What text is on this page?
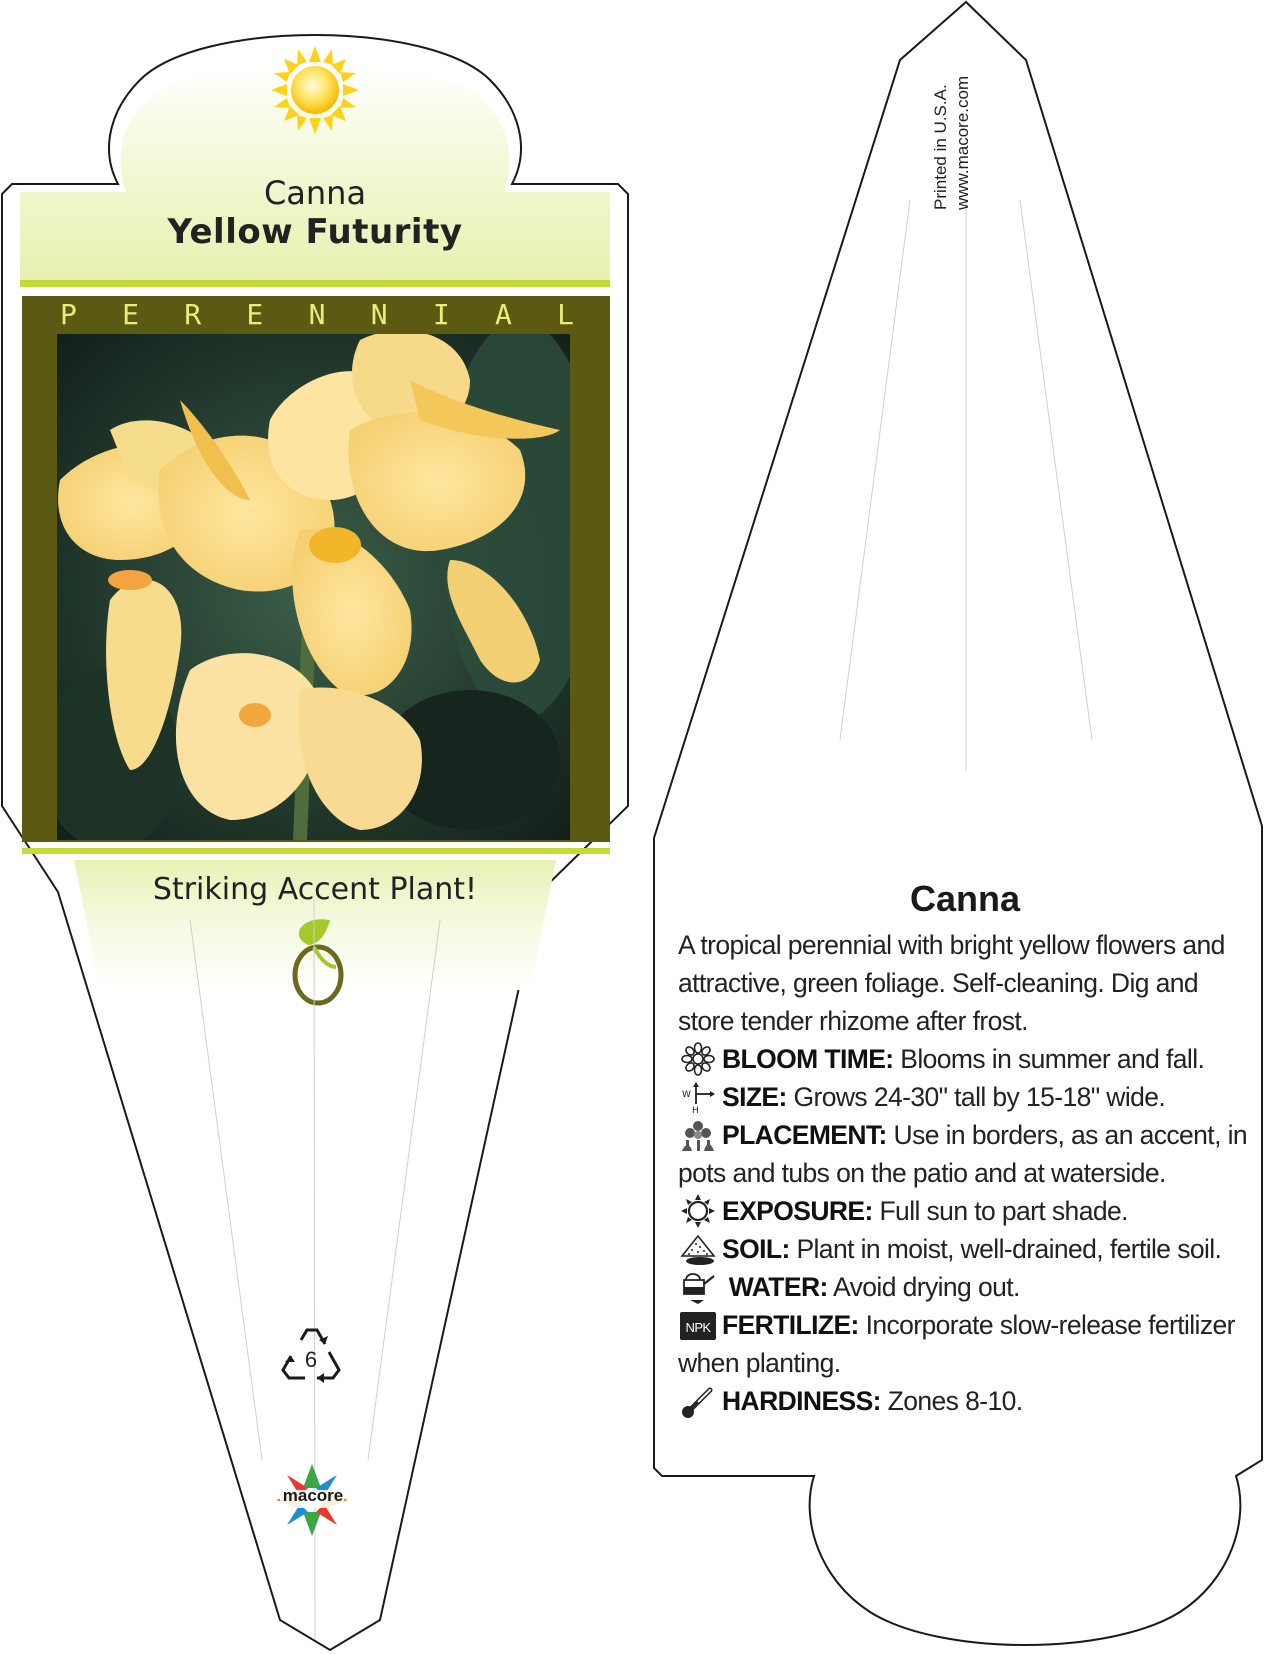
Canna
Yellow Futurity
P E R E N N I A L
Striking Accent Plant!
6
macore
Printed in U.S.A. www.macore.com
Canna

A tropical perennial with bright yellow flowers and attractive, green foliage. Self-cleaning. Dig and store tender rhizome after frost.

BLOOM TIME: Blooms in summer and fall.

W
H SIZE: Grows 24-30" tall by 15-18" wide.

PLACEMENT: Use in borders, as an accent, in pots and tubs on the patio and at waterside.

EXPOSURE: Full sun to part shade.

SOIL: Plant in moist, well-drained, fertile soil.

WATER: Avoid drying out.

NPK FERTILIZE: Incorporate slow-release fertilizer when planting.

HARDINESS: Zones 8-10.
